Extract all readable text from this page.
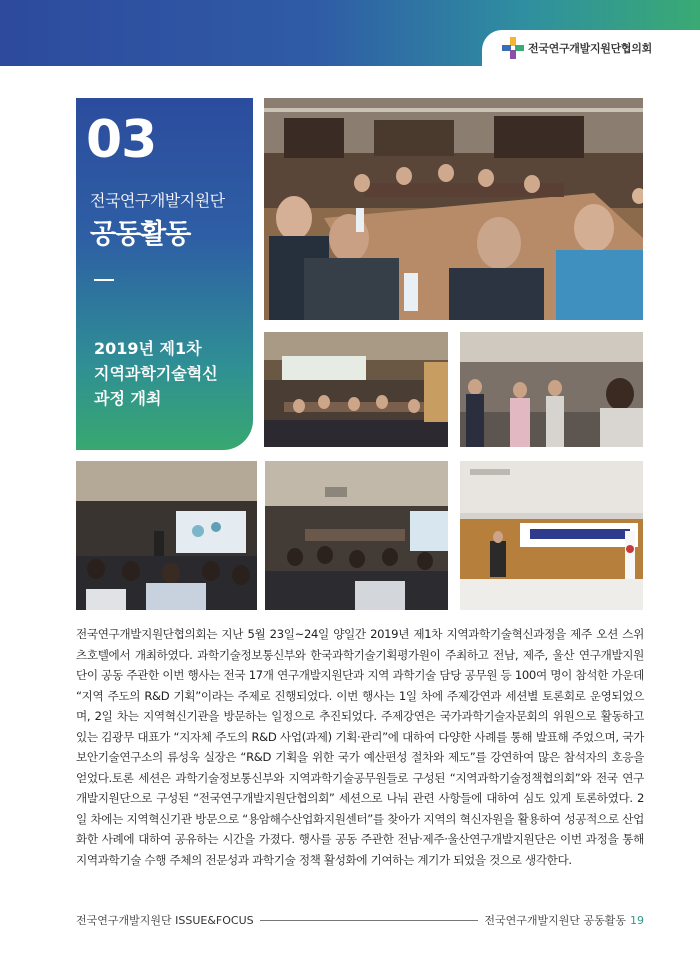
전국연구개발지원단협의회
03
전국연구개발지원단
공동활동
2019년 제1차
지역과학기술혁신
과정 개최
전국연구개발지원단협의회는 지난 5월 23일~24일 양일간 2019년 제1차 지역과학기술혁신과정을 제주 오션 스위츠호텔에서 개최하였다. 과학기술정보통신부와 한국과학기술기획평가원이 주최하고 전남, 제주, 울산 연구개발지원단이 공동 주관한 이번 행사는 전국 17개 연구개발지원단과 지역 과학기술 담당 공무원 등 100여 명이 참석한 가운데 “지역 주도의 R&D 기획”이라는 주제로 진행되었다. 이번 행사는 1일 차에 주제강연과 세션별 토론회로 운영되었으며, 2일 차는 지역혁신기관을 방문하는 일정으로 추진되었다. 주제강연은 국가과학기술자문회의 위원으로 활동하고 있는 김광무 대표가 “지자체 주도의 R&D 사업(과제) 기획·관리”에 대하여 다양한 사례를 통해 발표해 주었으며, 국가보안기술연구소의 류성욱 실장은 “R&D 기획을 위한 국가 예산편성 절차와 제도”를 강연하여 많은 참석자의 호응을 얻었다.토론 세션은 과학기술정보통신부와 지역과학기술공무원들로 구성된 “지역과학기술정책협의회”와 전국 연구개발지원단으로 구성된 “전국연구개발지원단협의회” 세션으로 나눠 관련 사항들에 대하여 심도 있게 토론하였다. 2일 차에는 지역혁신기관 방문으로 “용암해수산업화지원센터”를 찾아가 지역의 혁신자원을 활용하여 성공적으로 산업화한 사례에 대하여 공유하는 시간을 가졌다. 행사를 공동 주관한 전남·제주·울산연구개발지원단은 이번 과정을 통해 지역과학기술 수행 주체의 전문성과 과학기술 정책 활성화에 기여하는 계기가 되었을 것으로 생각한다.
전국연구개발지원단 ISSUE&FOCUS	전국연구개발지원단 공동활동 19
